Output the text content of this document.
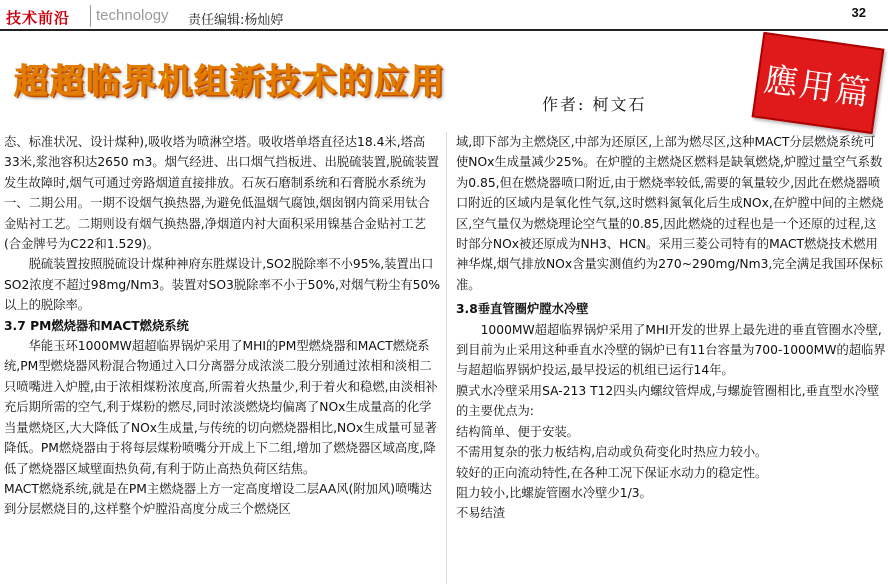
技术前沿 technology 责任编辑:杨灿婷
32
超超临界机组新技术的应用	應用篇
作者: 柯文石

态、标准状况、设计煤种),吸收塔为喷淋空塔。吸收塔单塔直径达18.4米,塔高33米,浆池容积达2650 m3。烟气经进、出口烟气挡板进、出脱硫装置,脱硫装置发生故障时,烟气可通过旁路烟道直接排放。石灰石磨制系统和石膏脱水系统为一、二期公用。一期不设烟气换热器,为避免低温烟气腐蚀,烟囱钢内筒采用钛合金贴衬工艺。二期则设有烟气换热器,净烟道内衬大面积采用镍基合金贴衬工艺(合金牌号为C22和1.529)。

脱硫装置按照脱硫设计煤种神府东胜煤设计,SO2脱除率不小95%,装置出口SO2浓度不超过98mg/Nm3。装置对SO3脱除率不小于50%,对烟气粉尘有50%以上的脱除率。

3.7 PM燃烧器和MACT燃烧系统

华能玉环1000MW超超临界锅炉采用了MHI的PM型燃烧器和MACT燃烧系统,PM型燃烧器风粉混合物通过入口分离器分成浓淡二股分别通过浓相和淡相二只喷嘴进入炉膛,由于浓相煤粉浓度高,所需着火热量少,利于着火和稳燃,由淡相补充后期所需的空气,利于煤粉的燃尽,同时浓淡燃烧均偏离了NOx生成量高的化学当量燃烧区,大大降低了NOx生成量,与传统的切向燃烧器相比,NOx生成量可显著降低。PM燃烧器由于将每层煤粉喷嘴分开成上下二组,增加了燃烧器区域高度,降低了燃烧器区域壁面热负荷,有利于防止高热负荷区结焦。

MACT燃烧系统,就是在PM主燃烧器上方一定高度增设二层AA风(附加风)喷嘴达到分层燃烧目的,这样整个炉膛沿高度分成三个燃烧区

域,即下部为主燃烧区,中部为还原区,上部为燃尽区,这种MACT分层燃烧系统可使NOx生成量减少25%。在炉膛的主燃烧区燃料是缺氧燃烧,炉膛过量空气系数为0.85,但在燃烧器喷口附近,由于燃烧率较低,需要的氧量较少,因此在燃烧器喷口附近的区域内是氧化性气氛,这时燃料氮氧化后生成NOx,在炉膛中间的主燃烧区,空气量仅为燃烧理论空气量的0.85,因此燃烧的过程也是一个还原的过程,这时部分NOx被还原成为NH3、HCN。采用三菱公司特有的MACT燃烧技术燃用神华煤,烟气排放NOx含量实测值约为270~290mg/Nm3,完全满足我国环保标准。

3.8垂直管圈炉膛水冷壁

1000MW超超临界锅炉采用了MHI开发的世界上最先进的垂直管圈水冷壁,到目前为止采用这种垂直水冷壁的锅炉已有11台容量为700-1000MW的超临界与超超临界锅炉投运,最早投运的机组已运行14年。

膜式水冷壁采用SA-213 T12四头内螺纹管焊成,与螺旋管圈相比,垂直型水冷壁的主要优点为:

结构简单、便于安装。

不需用复杂的张力板结构,启动或负荷变化时热应力较小。

较好的正向流动特性,在各种工况下保证水动力的稳定性。

阻力较小,比螺旋管圈水冷壁少1/3。

不易结渣
